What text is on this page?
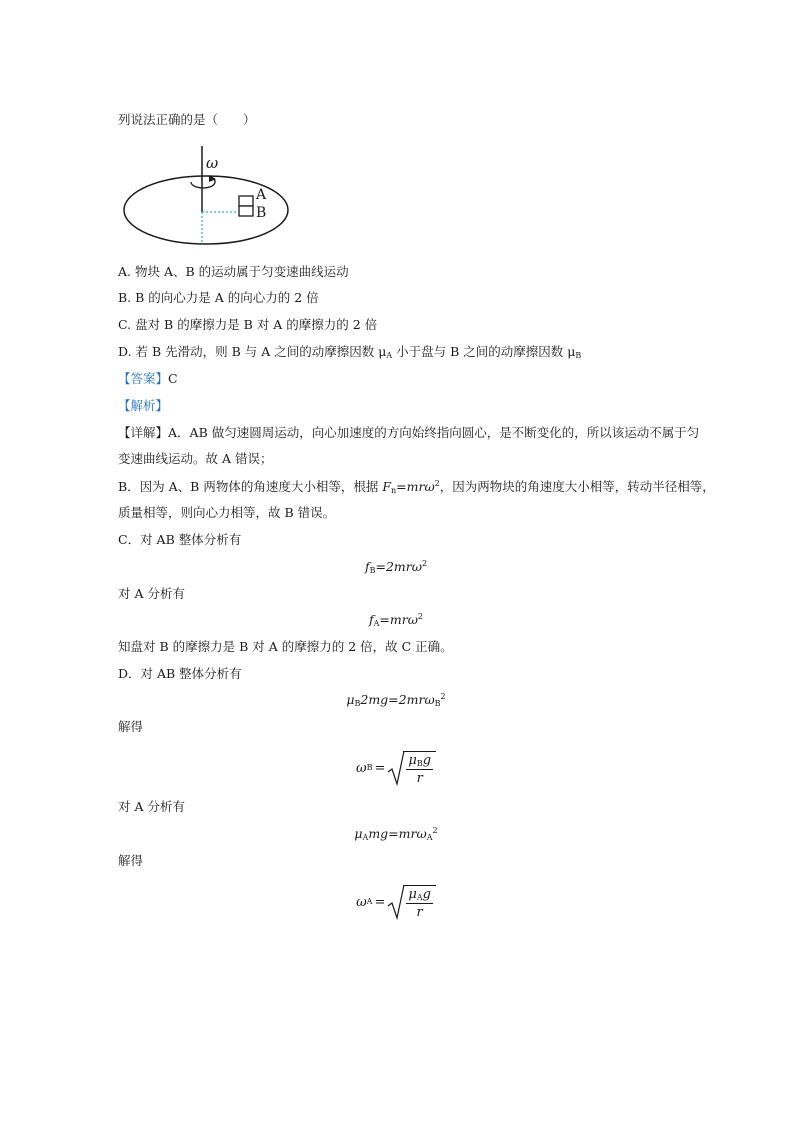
列说法正确的是（　　）
ω
A
B
A. 物块 A、B 的运动属于匀变速曲线运动
B. B 的向心力是 A 的向心力的 2 倍
C. 盘对 B 的摩擦力是 B 对 A 的摩擦力的 2 倍
D. 若 B 先滑动，则 B 与 A 之间的动摩擦因数 $\mu_A$ 小于盘与 B 之间的动摩擦因数 $\mu_B$
【答案】C
【解析】
【详解】A．AB 做匀速圆周运动，向心加速度的方向始终指向圆心，是不断变化的，所以该运动不属于匀
变速曲线运动。故 A 错误；
B．因为 A、B 两物体的角速度大小相等，根据 $F_n=mr\omega^2$，因为两物块的角速度大小相等，转动半径相等，
质量相等，则向心力相等，故 B 错误。
C．对 AB 整体分析有
$f_B=2mr\omega^2$
对 A 分析有
$f_A=mr\omega^2$
知盘对 B 的摩擦力是 B 对 A 的摩擦力的 2 倍，故 C 正确。
D．对 AB 整体分析有
$\mu_B2mg=2mr\omega_B^2$
解得
ω $B = \frac{\mu_Bg}{r}$
对 A 分析有
$\mu_Amg=mr\omega_A^2$
解得
ω $A = \frac{\mu_Ag}{r}$
